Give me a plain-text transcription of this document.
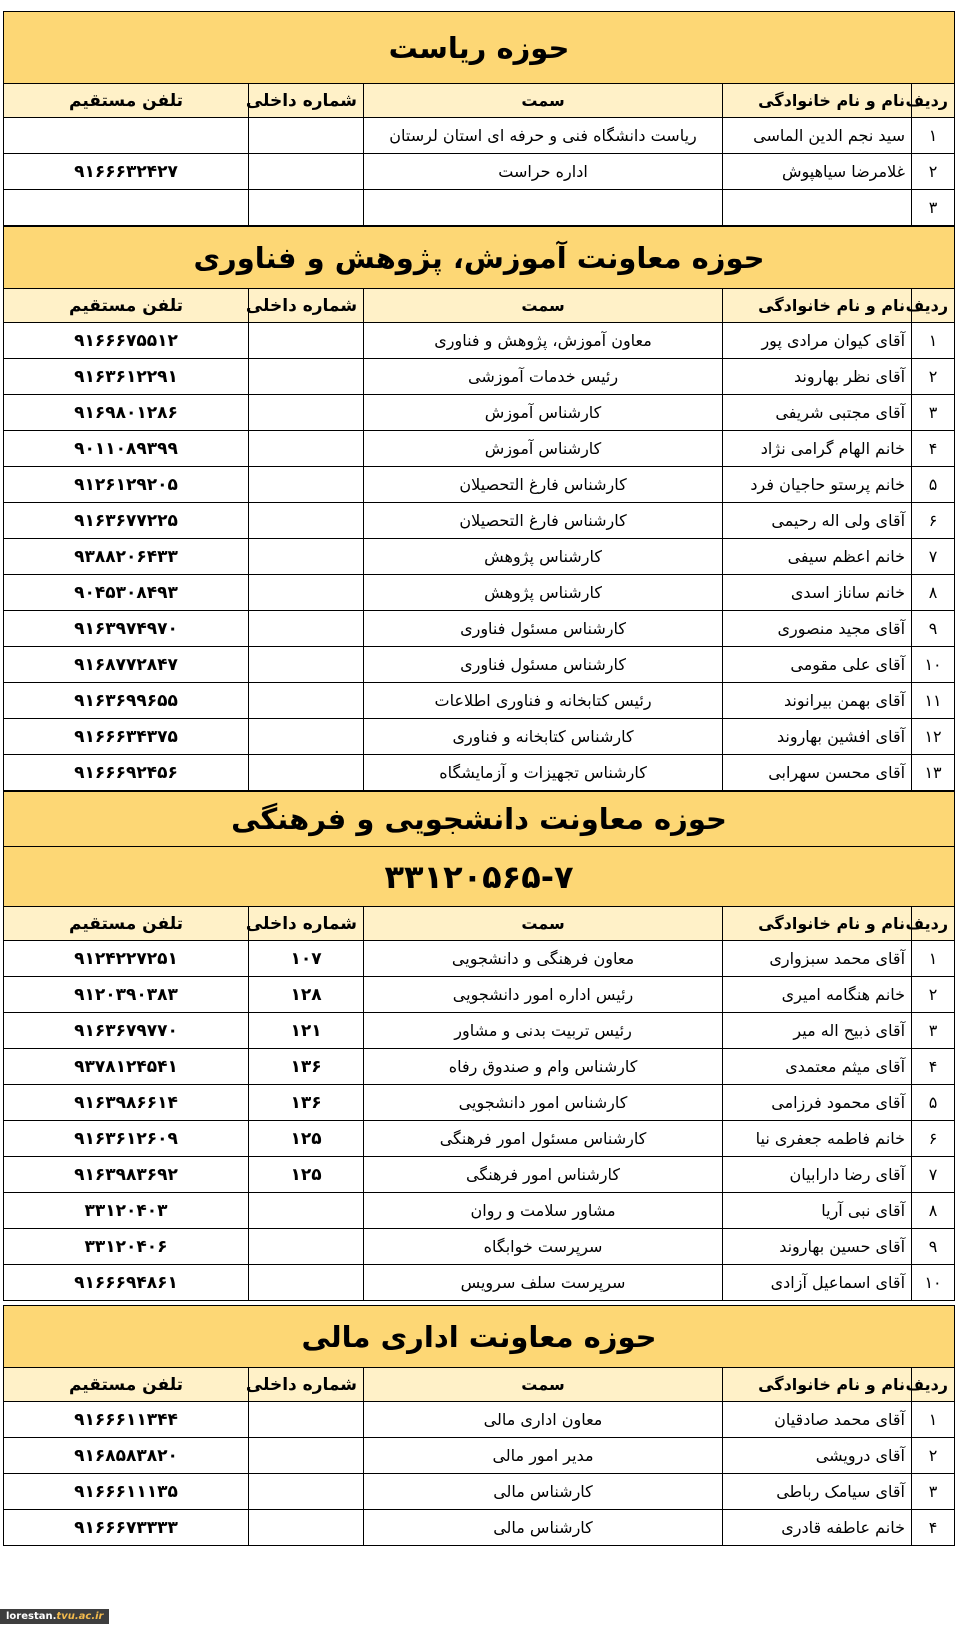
حوزه ریاست				
ردیف	نام و نام خانوادگی	سمت	شماره داخلی	تلفن مستقیم
۱	سید نجم الدین الماسی	ریاست دانشگاه فنی و حرفه ای استان لرستان		
۲	غلامرضا سیاهپوش	اداره حراست		۹۱۶۶۶۳۲۴۲۷
۳				
حوزه معاونت آموزش، پژوهش و فناوری				
ردیف	نام و نام خانوادگی	سمت	شماره داخلی	تلفن مستقیم
۱	آقای کیوان مرادی پور	معاون آموزش، پژوهش و فناوری		۹۱۶۶۶۷۵۵۱۲
۲	آقای نظر بهاروند	رئیس خدمات آموزشی		۹۱۶۳۶۱۲۲۹۱
۳	آقای مجتبی شریفی	کارشناس آموزش		۹۱۶۹۸۰۱۲۸۶
۴	خانم الهام گرامی نژاد	کارشناس آموزش		۹۰۱۱۰۸۹۳۹۹
۵	خانم پرستو حاجیان فرد	کارشناس فارغ التحصیلان		۹۱۲۶۱۲۹۲۰۵
۶	آقای ولی اله رحیمی	کارشناس فارغ التحصیلان		۹۱۶۳۶۷۷۲۲۵
۷	خانم اعظم سیفی	کارشناس پژوهش		۹۳۸۸۲۰۶۴۳۳
۸	خانم ساناز اسدی	کارشناس پژوهش		۹۰۴۵۳۰۸۴۹۳
۹	آقای مجید منصوری	کارشناس مسئول فناوری		۹۱۶۳۹۷۴۹۷۰
۱۰	آقای علی مقومی	کارشناس مسئول فناوری		۹۱۶۸۷۷۲۸۴۷
۱۱	آقای بهمن بیرانوند	رئیس کتابخانه و فناوری اطلاعات		۹۱۶۳۶۹۹۶۵۵
۱۲	آقای افشین بهاروند	کارشناس کتابخانه و فناوری		۹۱۶۶۶۳۴۳۷۵
۱۳	آقای محسن سهرابی	کارشناس تجهیزات و آزمایشگاه		۹۱۶۶۶۹۲۴۵۶
حوزه معاونت دانشجویی و فرهنگی				
۳۳۱۲۰۵۶۵-۷				
ردیف	نام و نام خانوادگی	سمت	شماره داخلی	تلفن مستقیم
۱	آقای محمد سبزواری	معاون فرهنگی و دانشجویی	۱۰۷	۹۱۲۴۲۲۷۲۵۱
۲	خانم هنگامه امیری	رئیس اداره امور دانشجویی	۱۲۸	۹۱۲۰۳۹۰۳۸۳
۳	آقای ذبیح اله میر	رئیس تربیت بدنی و مشاور	۱۲۱	۹۱۶۳۶۷۹۷۷۰
۴	آقای میثم معتمدی	کارشناس وام و صندوق رفاه	۱۳۶	۹۳۷۸۱۲۴۵۴۱
۵	آقای محمود فرزامی	کارشناس امور دانشجویی	۱۳۶	۹۱۶۳۹۸۶۶۱۴
۶	خانم فاطمه جعفری نیا	کارشناس مسئول امور فرهنگی	۱۲۵	۹۱۶۳۶۱۲۶۰۹
۷	آقای رضا دارابیان	کارشناس امور فرهنگی	۱۲۵	۹۱۶۳۹۸۳۶۹۲
۸	آقای نبی آریا	مشاور سلامت و روان		۳۳۱۲۰۴۰۳
۹	آقای حسین بهاروند	سرپرست خوابگاه		۳۳۱۲۰۴۰۶
۱۰	آقای اسماعیل آزادی	سرپرست سلف سرویس		۹۱۶۶۶۹۴۸۶۱
حوزه معاونت اداری مالی				
ردیف	نام و نام خانوادگی	سمت	شماره داخلی	تلفن مستقیم
۱	آقای محمد صادقیان	معاون اداری مالی		۹۱۶۶۶۱۱۳۴۴
۲	آقای درویشی	مدیر امور مالی		۹۱۶۸۵۸۳۸۲۰
۳	آقای سیامک رباطی	کارشناس مالی		۹۱۶۶۶۱۱۱۳۵
۴	خانم عاطفه قادری	کارشناس مالی		۹۱۶۶۶۷۳۳۳۳
lorestan.tvu.ac.ir
